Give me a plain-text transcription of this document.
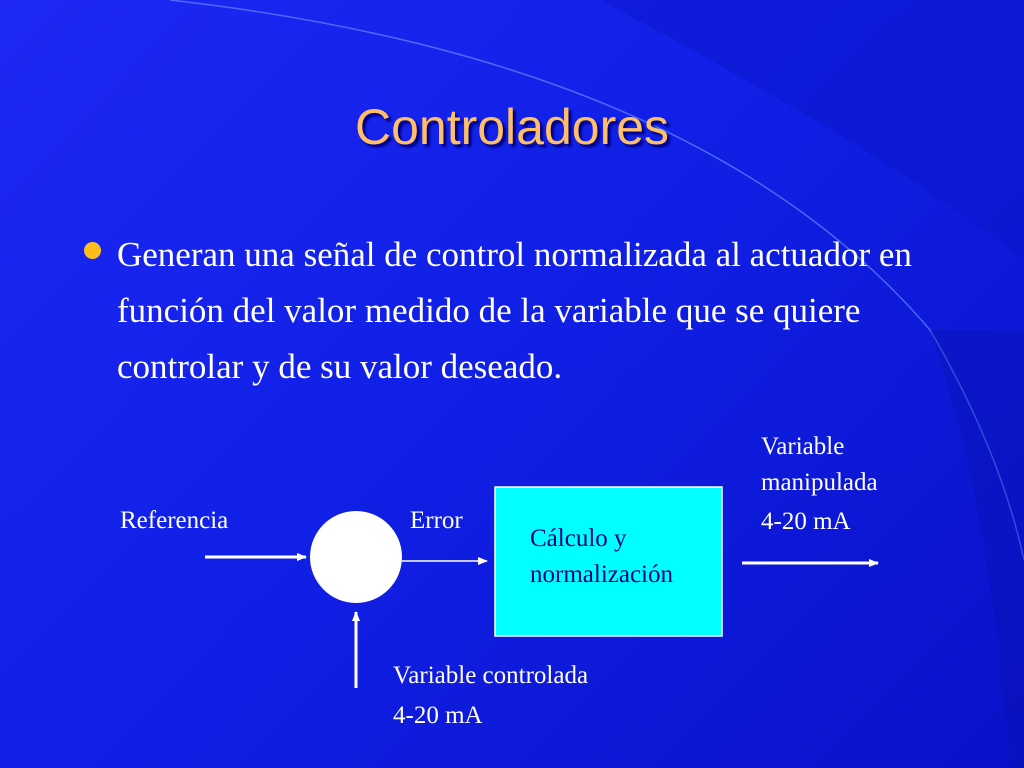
Controladores
Generan una señal de control normalizada al actuador en función del valor medido de la variable que se quiere controlar y de su valor deseado.
Referencia	Error
+
-
Cálculo y
normalización
Variable
manipulada
4-20 mA
Variable controlada
4-20 mA
